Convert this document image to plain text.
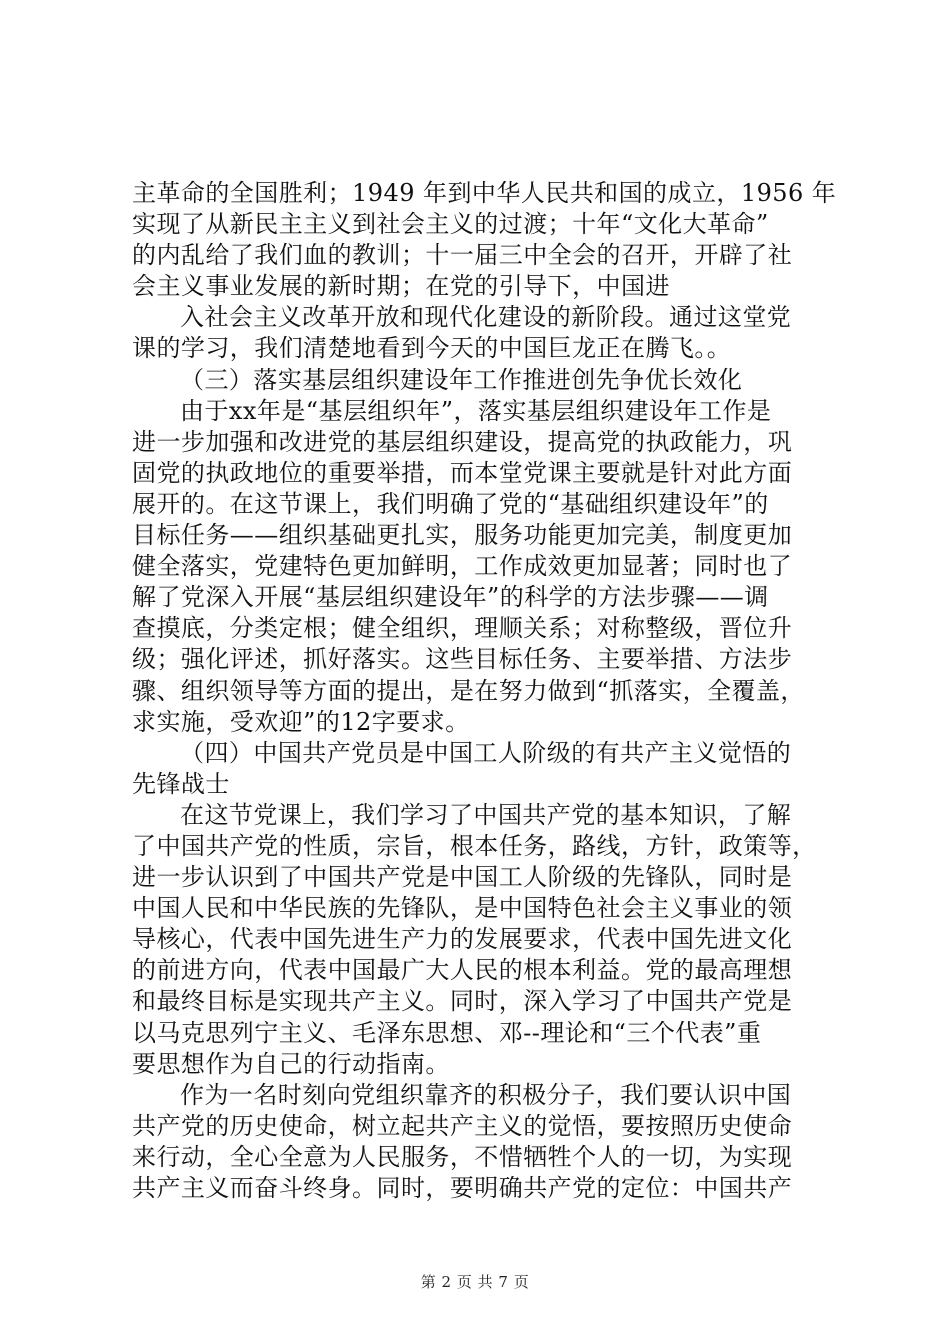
主革命的全国胜利；1949 年到中华人民共和国的成立，1956 年
实现了从新民主主义到社会主义的过渡；十年“文化大革命”
的内乱给了我们血的教训；十一届三中全会的召开，开辟了社
会主义事业发展的新时期；在党的引导下，中国进
入社会主义改革开放和现代化建设的新阶段。通过这堂党
课的学习，我们清楚地看到今天的中国巨龙正在腾飞。。
（三）落实基层组织建设年工作推进创先争优长效化
由于xx年是“基层组织年”，落实基层组织建设年工作是
进一步加强和改进党的基层组织建设，提高党的执政能力，巩
固党的执政地位的重要举措，而本堂党课主要就是针对此方面
展开的。在这节课上，我们明确了党的“基础组织建设年”的
目标任务——组织基础更扎实，服务功能更加完美，制度更加
健全落实，党建特色更加鲜明，工作成效更加显著；同时也了
解了党深入开展“基层组织建设年”的科学的方法步骤——调
查摸底，分类定根；健全组织，理顺关系；对称整级，晋位升
级；强化评述，抓好落实。这些目标任务、主要举措、方法步
骤、组织领导等方面的提出，是在努力做到“抓落实，全覆盖，
求实施，受欢迎”的12字要求。
（四）中国共产党员是中国工人阶级的有共产主义觉悟的
先锋战士
在这节党课上，我们学习了中国共产党的基本知识，了解
了中国共产党的性质，宗旨，根本任务，路线，方针，政策等，
进一步认识到了中国共产党是中国工人阶级的先锋队，同时是
中国人民和中华民族的先锋队，是中国特色社会主义事业的领
导核心，代表中国先进生产力的发展要求，代表中国先进文化
的前进方向，代表中国最广大人民的根本利益。党的最高理想
和最终目标是实现共产主义。同时，深入学习了中国共产党是
以马克思列宁主义、毛泽东思想、邓--理论和“三个代表”重
要思想作为自己的行动指南。
作为一名时刻向党组织靠齐的积极分子，我们要认识中国
共产党的历史使命，树立起共产主义的觉悟，要按照历史使命
来行动，全心全意为人民服务，不惜牺牲个人的一切，为实现
共产主义而奋斗终身。同时，要明确共产党的定位：中国共产
第 2 页 共 7 页
